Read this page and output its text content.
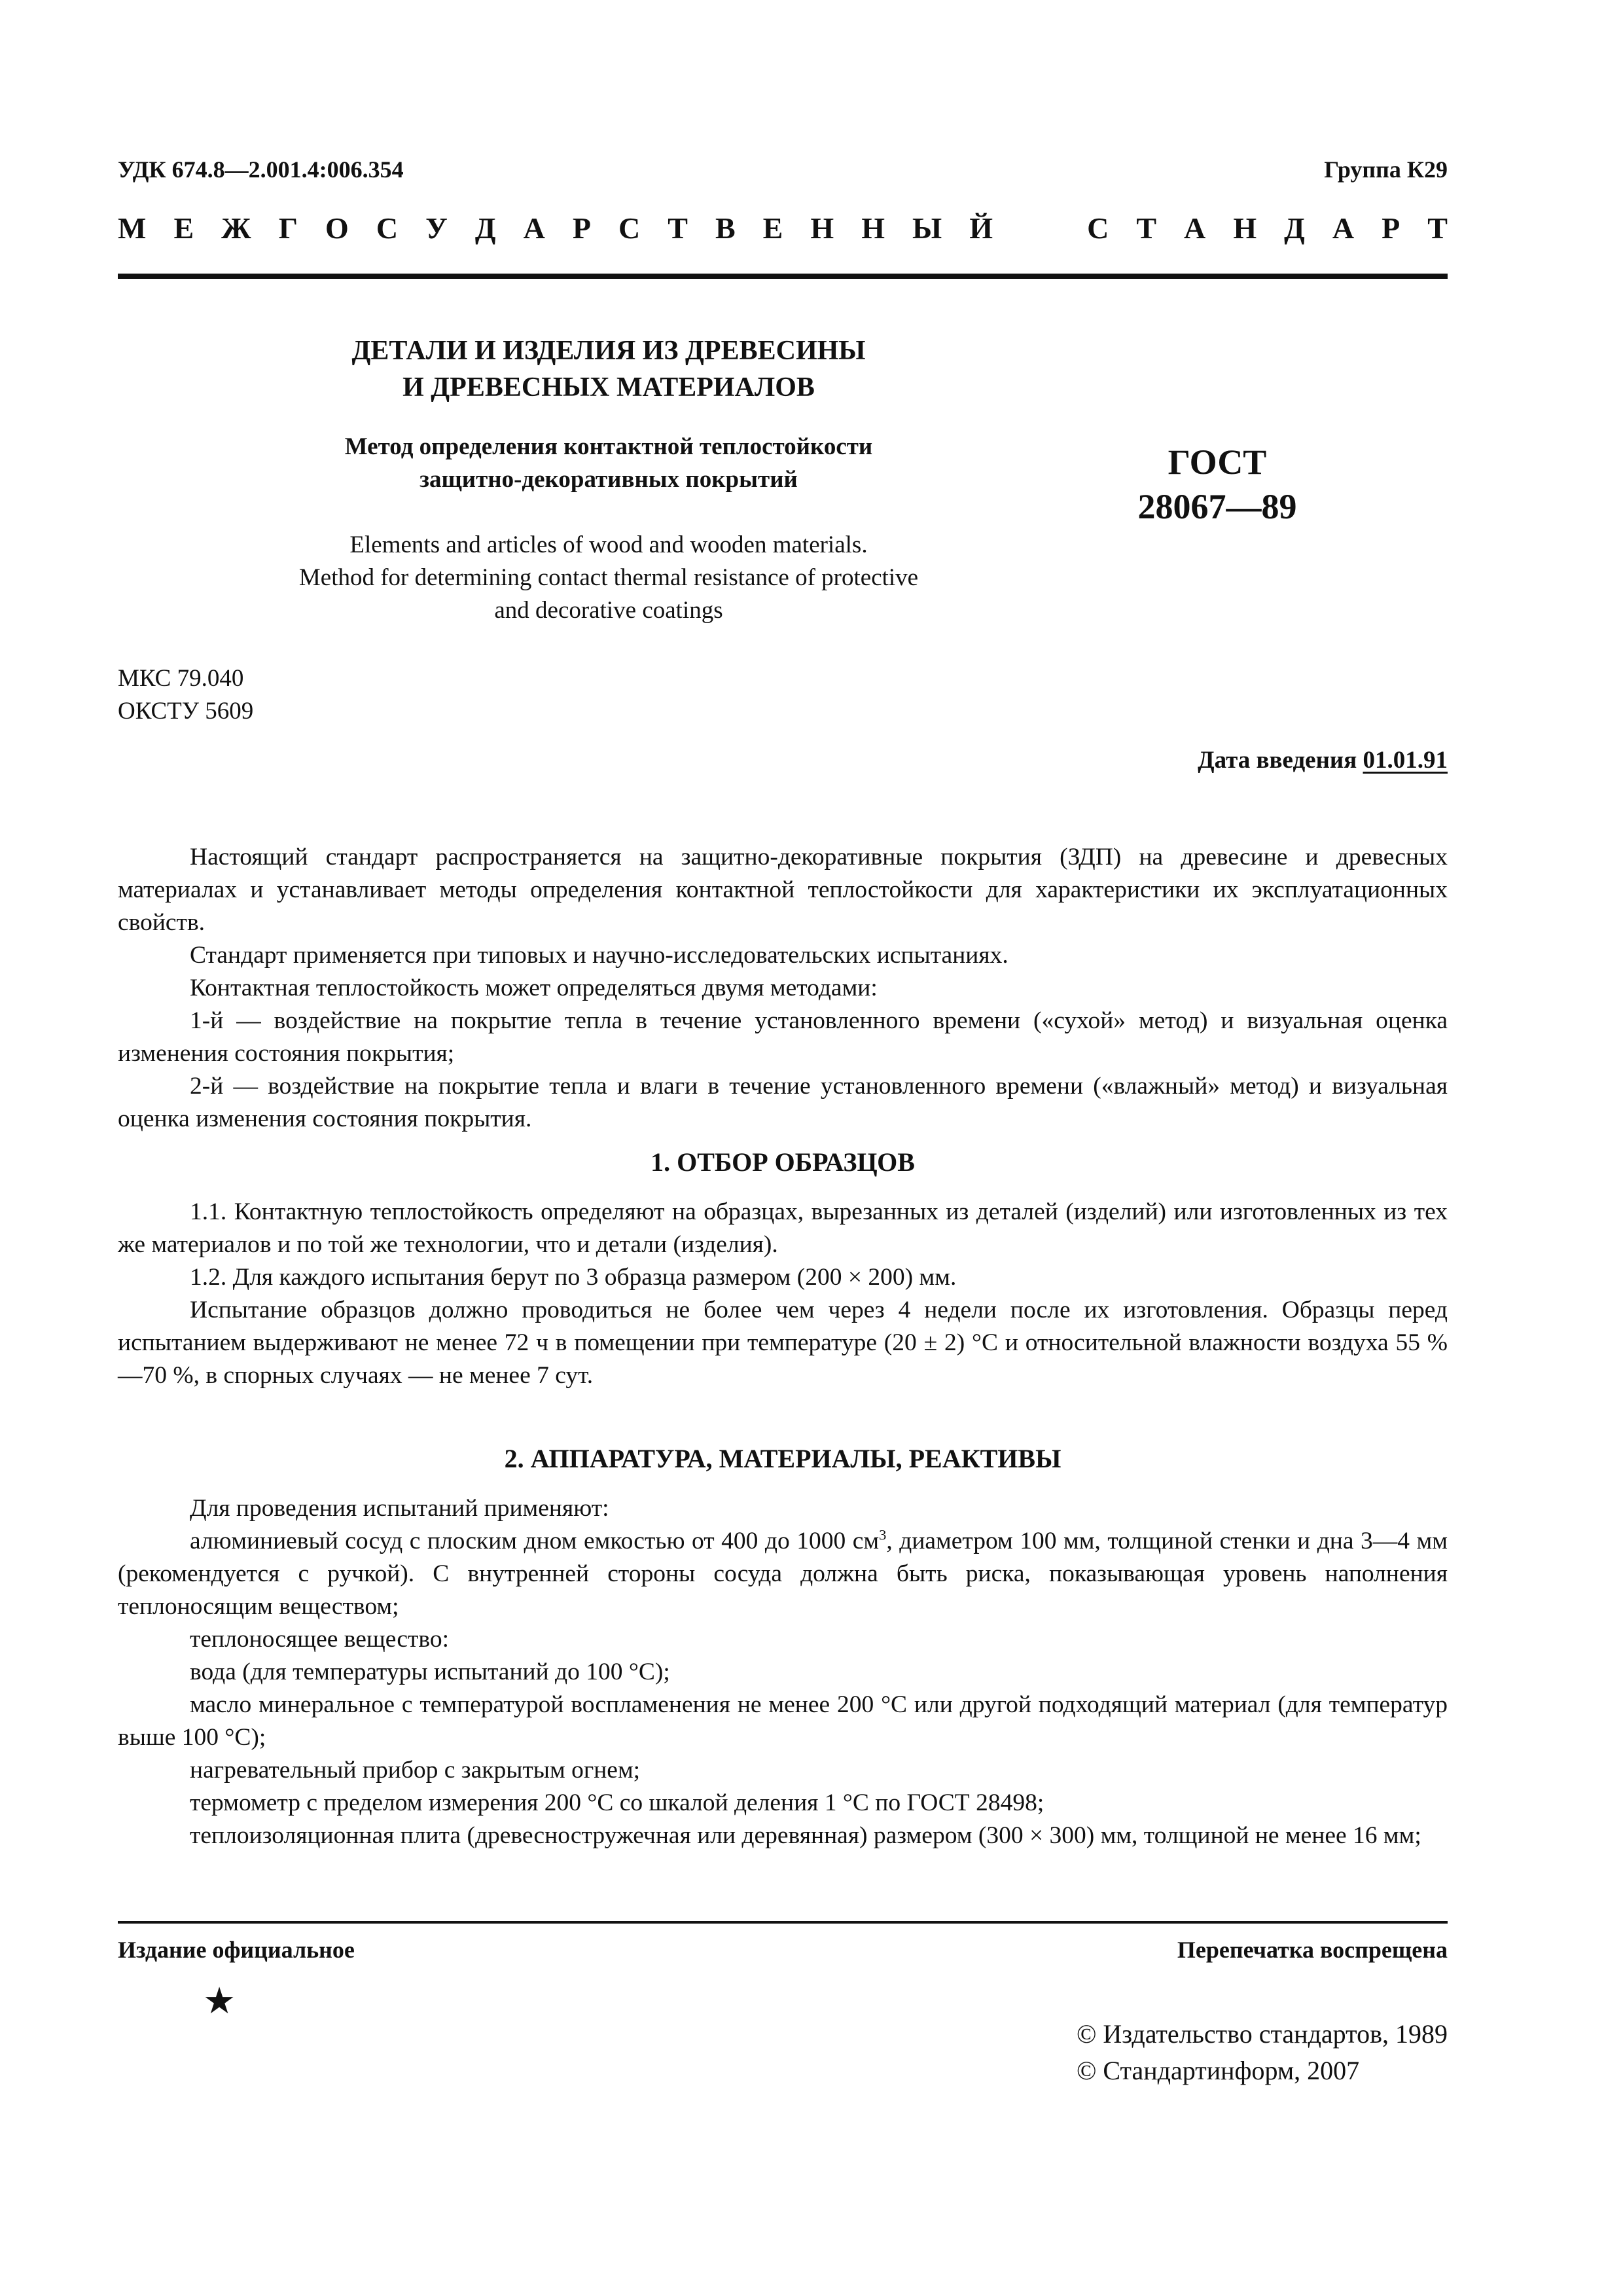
УДК 674.8—2.001.4:006.354	Группа К29
М Е Ж Г О С У Д А Р С Т В Е Н Н Ы Й	С Т А Н Д А Р Т
ДЕТАЛИ И ИЗДЕЛИЯ ИЗ ДРЕВЕСИНЫ
И ДРЕВЕСНЫХ МАТЕРИАЛОВ
Метод определения контактной теплостойкости
защитно-декоративных покрытий
Elements and articles of wood and wooden materials.
Method for determining contact thermal resistance of protective
and decorative coatings
ГОСТ
28067—89
МКС 79.040
ОКСТУ 5609
Дата введения 01.01.91

Настоящий стандарт распространяется на защитно-декоративные покрытия (ЗДП) на древесине и древесных материалах и устанавливает методы определения контактной теплостойкости для характеристики их эксплуатационных свойств.

Стандарт применяется при типовых и научно-исследовательских испытаниях.

Контактная теплостойкость может определяться двумя методами:

1-й — воздействие на покрытие тепла в течение установленного времени («сухой» метод) и визуальная оценка изменения состояния покрытия;

2-й — воздействие на покрытие тепла и влаги в течение установленного времени («влажный» метод) и визуальная оценка изменения состояния покрытия.

1. ОТБОР ОБРАЗЦОВ

1.1. Контактную теплостойкость определяют на образцах, вырезанных из деталей (изделий) или изготовленных из тех же материалов и по той же технологии, что и детали (изделия).

1.2. Для каждого испытания берут по 3 образца размером (200 × 200) мм.

Испытание образцов должно проводиться не более чем через 4 недели после их изготовления. Образцы перед испытанием выдерживают не менее 72 ч в помещении при температуре (20 ± 2) °С и относительной влажности воздуха 55 %—70 %, в спорных случаях — не менее 7 сут.

2. АППАРАТУРА, МАТЕРИАЛЫ, РЕАКТИВЫ

Для проведения испытаний применяют:

алюминиевый сосуд с плоским дном емкостью от 400 до 1000 $см^3$, диаметром 100 мм, толщиной стенки и дна 3—4 мм (рекомендуется с ручкой). С внутренней стороны сосуда должна быть риска, показывающая уровень наполнения теплоносящим веществом;

теплоносящее вещество:

вода (для температуры испытаний до 100 °С);

масло минеральное с температурой воспламенения не менее 200 °С или другой подходящий материал (для температур выше 100 °С);

нагревательный прибор с закрытым огнем;

термометр с пределом измерения 200 °С со шкалой деления 1 °С по ГОСТ 28498;

теплоизоляционная плита (древесностружечная или деревянная) размером (300 × 300) мм, толщиной не менее 16 мм;

Издание официальное	Перепечатка воспрещена
★
© Издательство стандартов, 1989
© Стандартинформ, 2007
